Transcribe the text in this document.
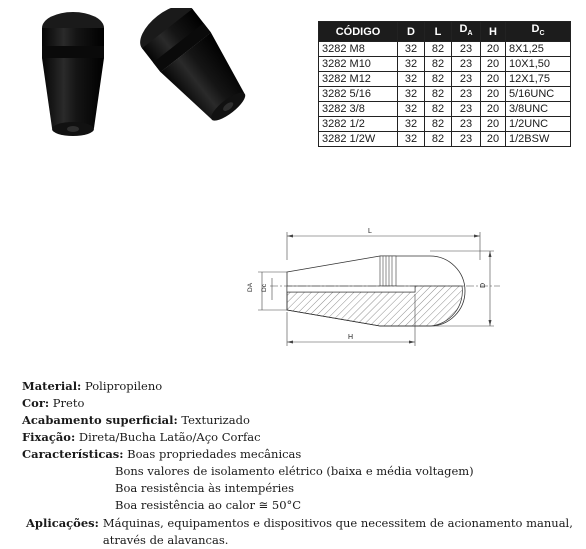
CÓDIGO	D	L	$D_A$	H	$D_C$
3282 M8	32	82	23	20	8X1,25
3282 M10	32	82	23	20	10X1,50
3282 M12	32	82	23	20	12X1,75
3282 5/16	32	82	23	20	5/16UNC
3282 3/8	32	82	23	20	3/8UNC
3282 1/2	32	82	23	20	1/2UNC
3282 1/2W	32	82	23	20	1/2BSW
L
DA Dc	D
H
Material: Polipropileno
Cor: Preto
Acabamento superficial: Texturizado
Fixação: Direta/Bucha Latão/Aço Corfac
Características: Boas propriedades mecânicas
Bons valores de isolamento elétrico (baixa e média voltagem)
Boa resistência às intempéries
Boa resistência ao calor ≅ 50°C
Aplicações: Máquinas, equipamentos e dispositivos que necessitem de acionamento manual, através de alavancas.
